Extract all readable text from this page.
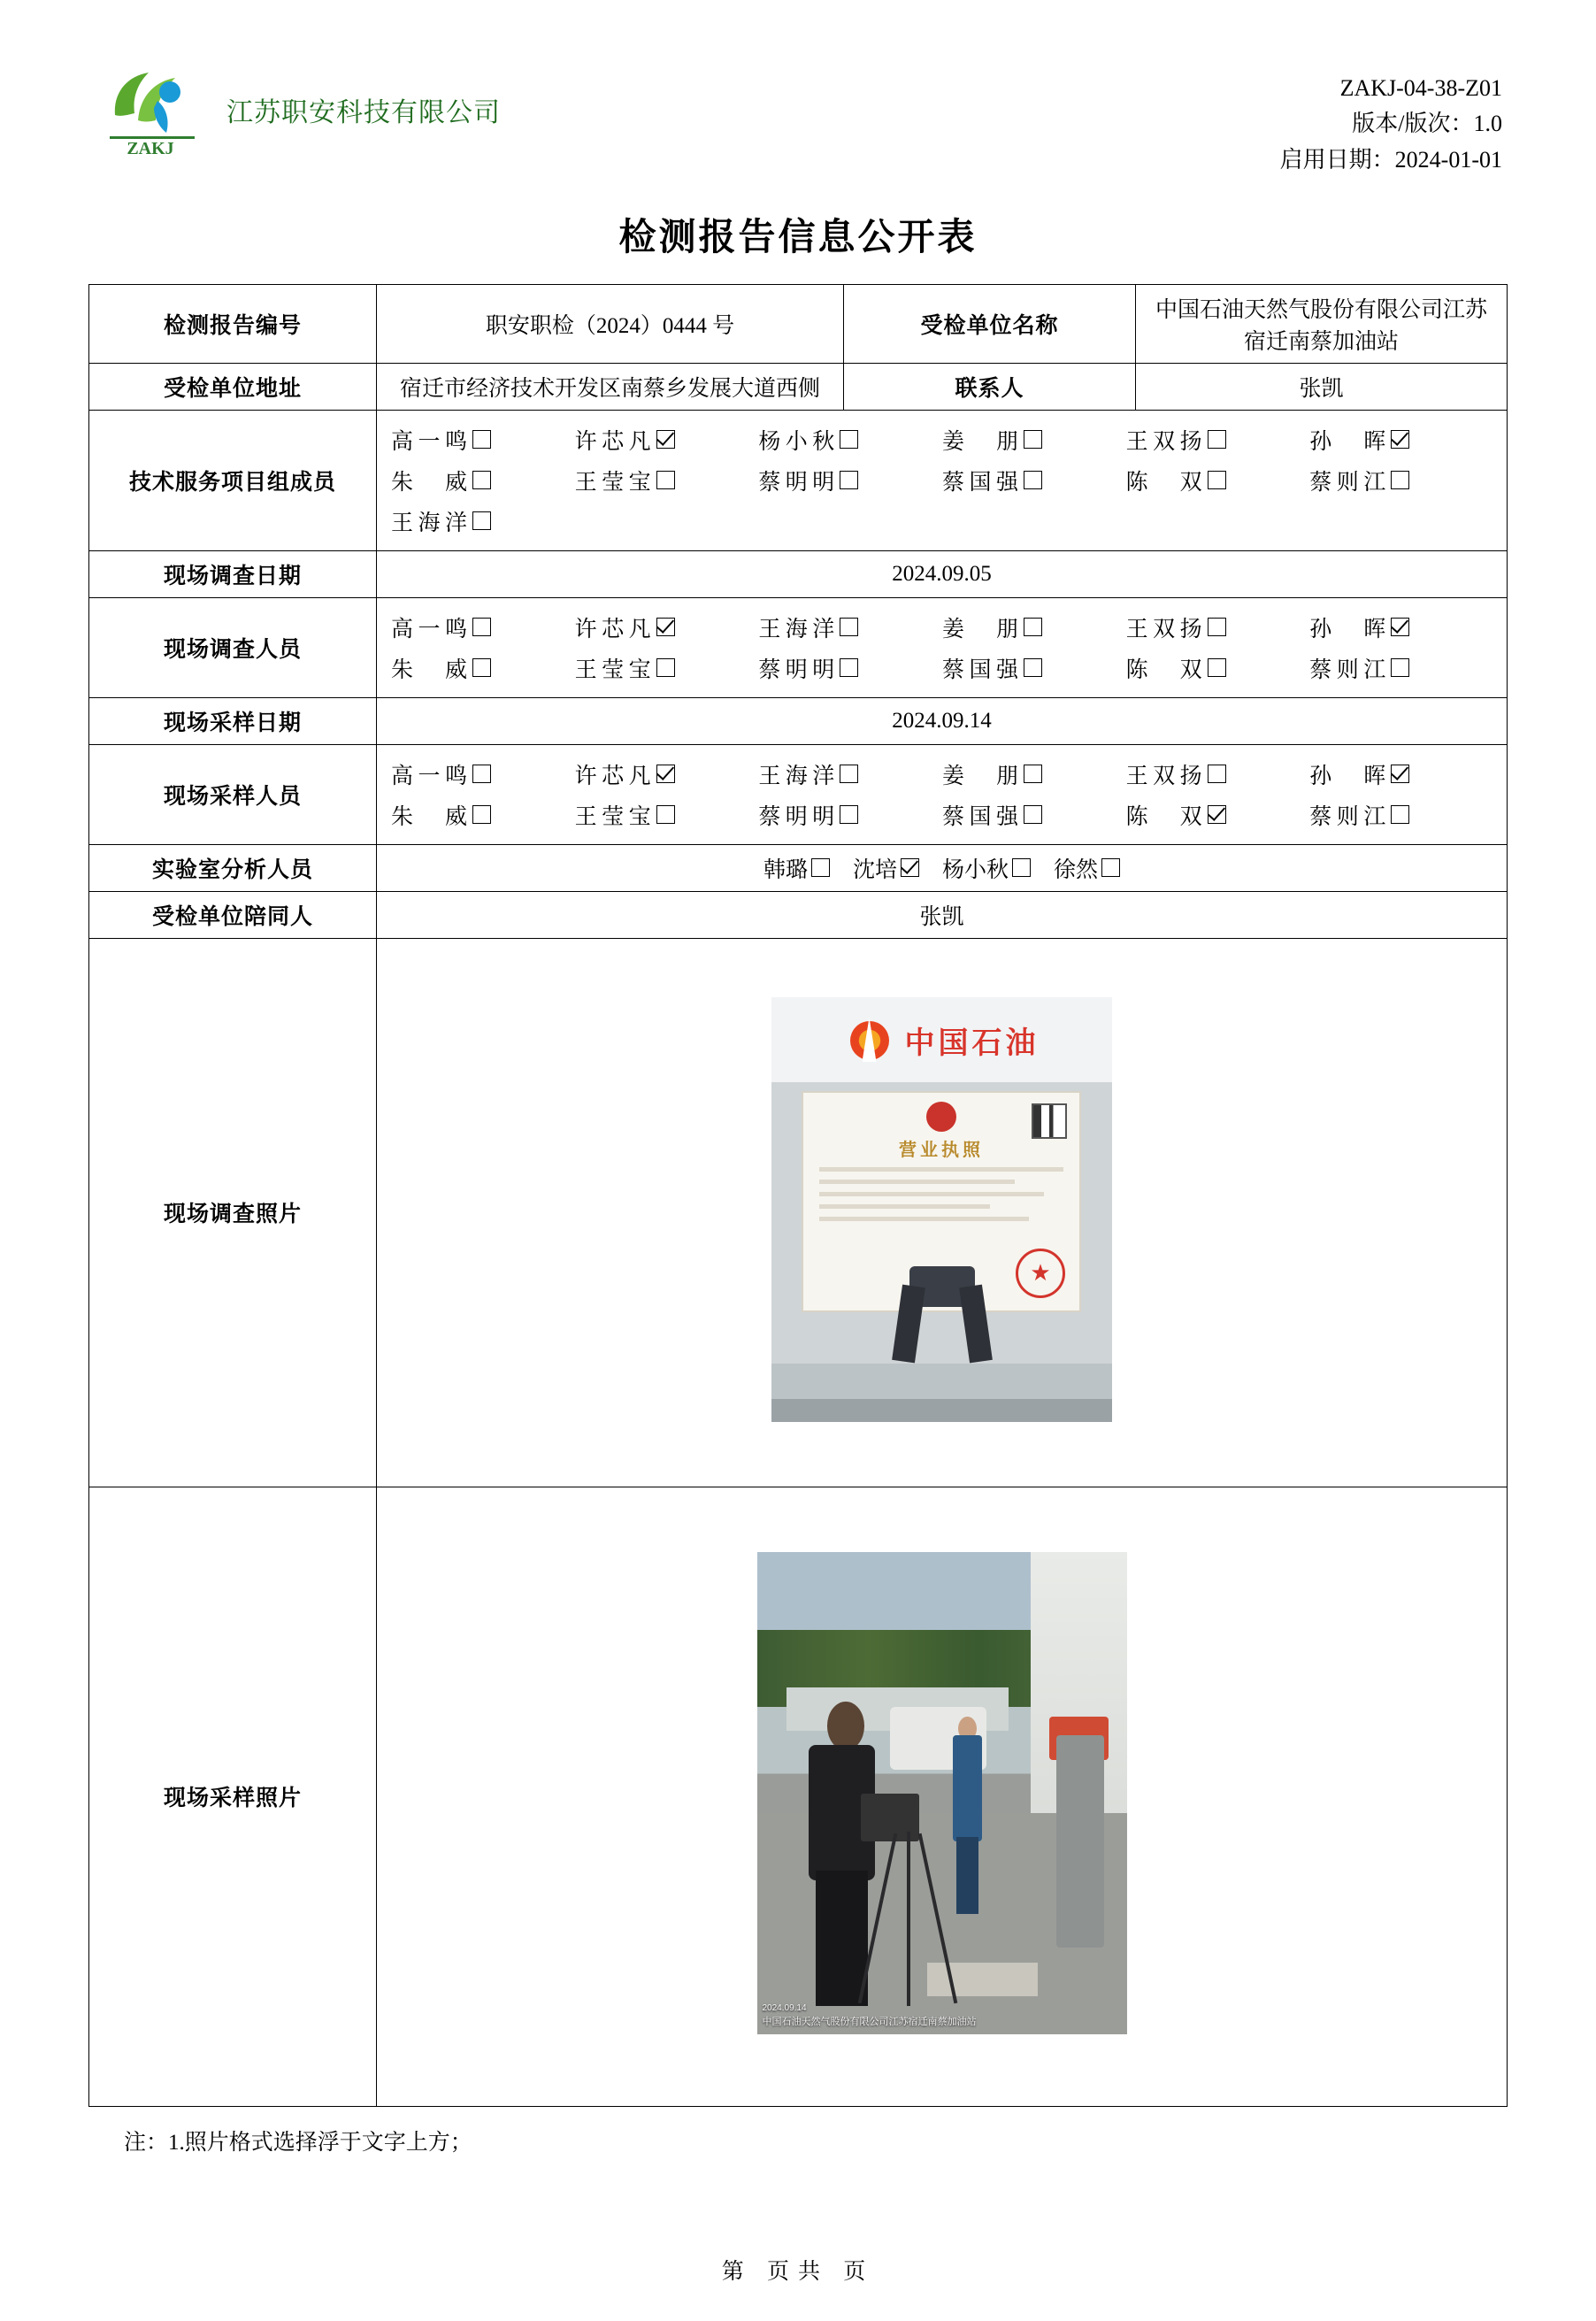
ZAKJ
江苏职安科技有限公司
ZAKJ-04-38-Z01
版本/版次：1.0
启用日期：2024-01-01
检测报告信息公开表
检测报告编号	职安职检（2024）0444 号	受检单位名称	中国石油天然气股份有限公司江苏宿迁南蔡加油站
受检单位地址	宿迁市经济技术开发区南蔡乡发展大道西侧	联系人	张凯
技术服务项目组成员	
高一鸣	许芯凡	杨小秋	姜　朋	王双扬	孙　晖
朱　威	王莹宝	蔡明明	蔡国强	陈　双	蔡则江
王海洋

现场调查日期	2024.09.05		
现场调查人员	
高一鸣	许芯凡	王海洋	姜　朋	王双扬	孙　晖
朱　威	王莹宝	蔡明明	蔡国强	陈　双	蔡则江

现场采样日期	2024.09.14		
现场采样人员	
高一鸣	许芯凡	王海洋	姜　朋	王双扬	孙　晖
朱　威	王莹宝	蔡明明	蔡国强	陈　双	蔡则江

实验室分析人员	韩璐 沈培 杨小秋 徐然		

受检单位陪同人	张凯		
现场调查照片	中国石油
营业执照
★

现场采样照片	2024.09.14
中国石油天然气股份有限公司江苏宿迁南蔡加油站		
注：1.照片格式选择浮于文字上方；
第 页共 页
